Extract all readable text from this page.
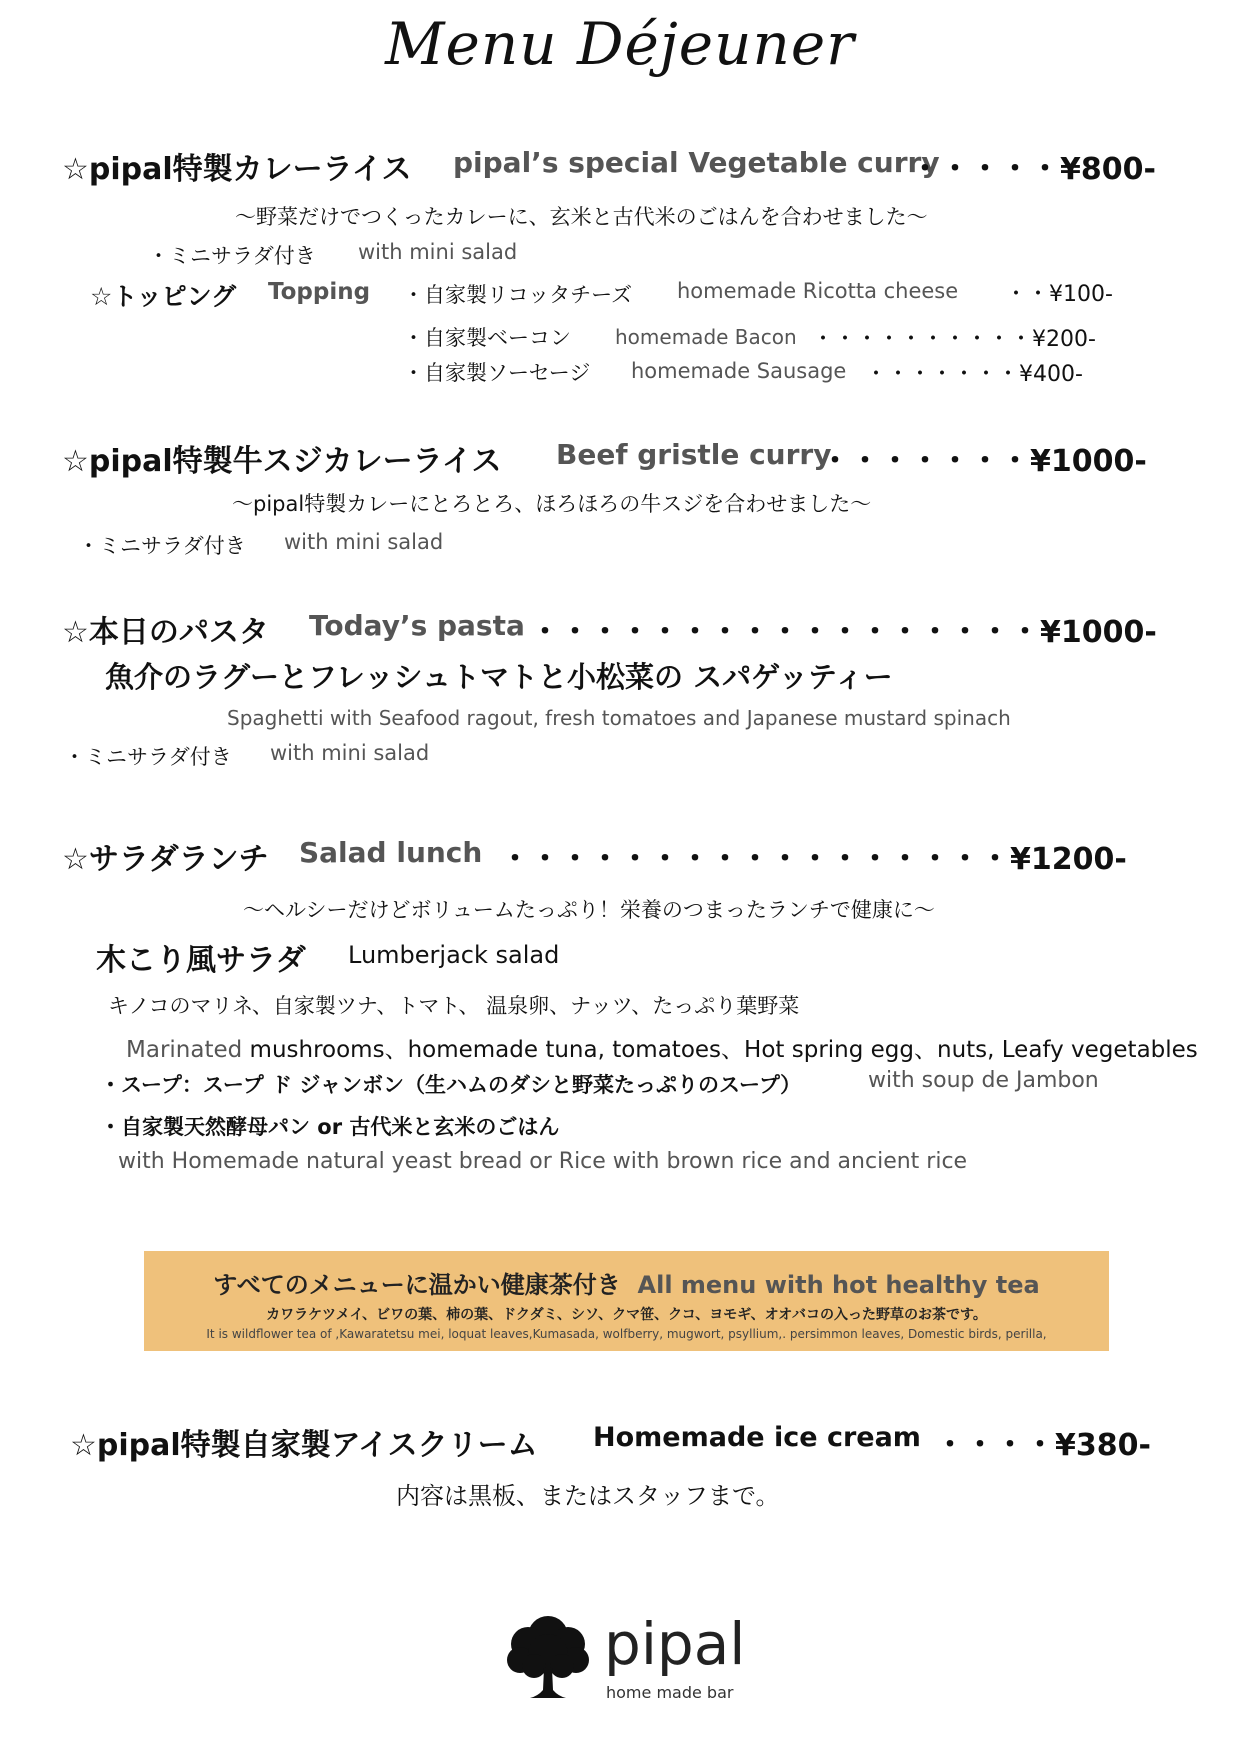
Menu Déjeuner
☆pipal特製カレーライス pipal’s special Vegetable curry
・・・・・¥800-
〜野菜だけでつくったカレーに、玄米と古代米のごはんを合わせました〜
・ミニサラダ付き with mini salad
☆トッピング Topping ・自家製リコッタチーズ homemade Ricotta cheese ・・¥100-
・自家製ベーコン homemade Bacon ・・・・・・・・・・¥200-
・自家製ソーセージ homemade Sausage ・・・・・・・¥400-
☆pipal特製牛スジカレーライス Beef gristle curry
・・・・・・・¥1000-
〜pipal特製カレーにとろとろ、ほろほろの牛スジを合わせました〜
・ミニサラダ付き with mini salad
☆本日のパスタ Today’s pasta ・・・・・・・・・・・・・・・・・¥1000-
魚介のラグーとフレッシュトマトと小松菜の スパゲッティー
Spaghetti with Seafood ragout, fresh tomatoes and Japanese mustard spinach
・ミニサラダ付き with mini salad
☆サラダランチ Salad lunch ・・・・・・・・・・・・・・・・・¥1200-
〜ヘルシーだけどボリュームたっぷり！栄養のつまったランチで健康に〜
木こり風サラダ Lumberjack salad
キノコのマリネ、自家製ツナ、トマト、 温泉卵、ナッツ、たっぷり葉野菜
Marinated mushrooms、homemade tuna, tomatoes、Hot spring egg、nuts, Leafy vegetables
・スープ：スープ ド ジャンボン（生ハムのダシと野菜たっぷりのスープ）	with soup de Jambon
・自家製天然酵母パン or 古代米と玄米のごはん
with Homemade natural yeast bread or Rice with brown rice and ancient rice
すべてのメニューに温かい健康茶付き All menu with hot healthy tea
カワラケツメイ、ビワの葉、柿の葉、ドクダミ、シソ、クマ笹、クコ、ヨモギ、オオバコの入った野草のお茶です。
It is wildflower tea of ,Kawaratetsu mei, loquat leaves,Kumasada, wolfberry, mugwort, psyllium,. persimmon leaves, Domestic birds, perilla,
☆pipal特製自家製アイスクリーム Homemade ice cream ・・・・¥380-
内容は黒板、またはスタッフまで。
pipal
home made bar
